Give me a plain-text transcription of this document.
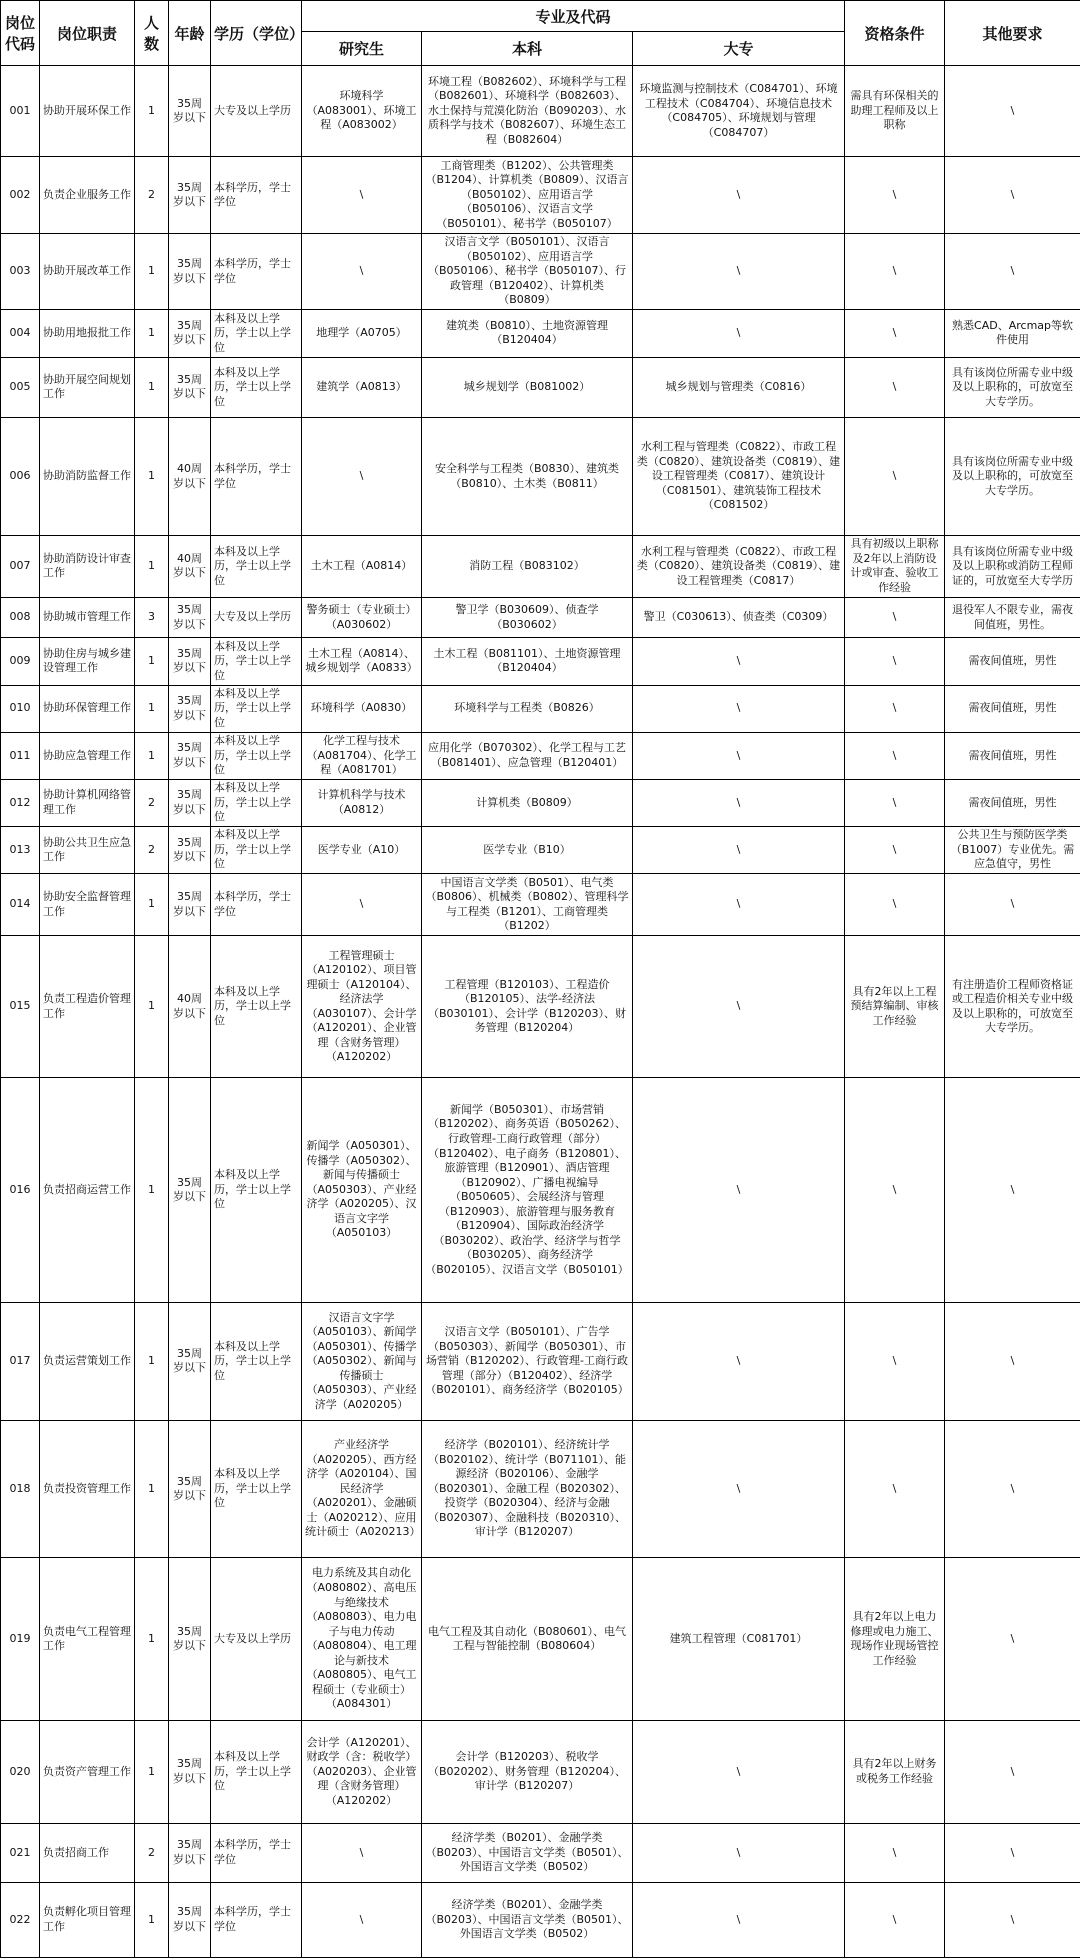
岗位代码	岗位职责	人数	年龄	学历（学位）	专业及代码			资格条件	其他要求
					研究生	本科	大专		
001	协助开展环保工作	1	35周岁以下	大专及以上学历	环境科学（A083001）、环境工程（A083002）	环境工程（B082602）、环境科学与工程（B082601）、环境科学（B082603）、水土保持与荒漠化防治（B090203）、水质科学与技术（B082607）、环境生态工程（B082604）	环境监测与控制技术（C084701）、环境工程技术（C084704）、环境信息技术（C084705）、环境规划与管理（C084707）	需具有环保相关的助理工程师及以上职称	\
002	负责企业服务工作	2	35周岁以下	本科学历，学士学位	\	工商管理类（B1202）、公共管理类（B1204）、计算机类（B0809）、汉语言（B050102）、应用语言学（B050106）、汉语言文学（B050101）、秘书学（B050107）	\	\	\
003	协助开展改革工作	1	35周岁以下	本科学历，学士学位	\	汉语言文学（B050101）、汉语言（B050102）、应用语言学（B050106）、秘书学（B050107）、行政管理（B120402）、计算机类（B0809）	\	\	\
004	协助用地报批工作	1	35周岁以下	本科及以上学历，学士以上学位	地理学（A0705）	建筑类（B0810）、土地资源管理（B120404）	\	\	熟悉CAD、Arcmap等软件使用
005	协助开展空间规划工作	1	35周岁以下	本科及以上学历，学士以上学位	建筑学（A0813）	城乡规划学（B081002）	城乡规划与管理类（C0816）	\	具有该岗位所需专业中级及以上职称的，可放宽至大专学历。
006	协助消防监督工作	1	40周岁以下	本科学历，学士学位	\	安全科学与工程类（B0830）、建筑类（B0810）、土木类（B0811）	水利工程与管理类（C0822）、市政工程类（C0820）、建筑设备类（C0819）、建设工程管理类（C0817）、建筑设计（C081501）、建筑装饰工程技术（C081502）	\	具有该岗位所需专业中级及以上职称的，可放宽至大专学历。
007	协助消防设计审查工作	1	40周岁以下	本科及以上学历，学士以上学位	土木工程（A0814）	消防工程（B083102）	水利工程与管理类（C0822）、市政工程类（C0820）、建筑设备类（C0819）、建设工程管理类（C0817）	具有初级以上职称及2年以上消防设计或审查、验收工作经验	具有该岗位所需专业中级及以上职称或消防工程师证的，可放宽至大专学历
008	协助城市管理工作	3	35周岁以下	大专及以上学历	警务硕士（专业硕士）（A030602）	警卫学（B030609）、侦查学（B030602）	警卫（C030613）、侦查类（C0309）	\	退役军人不限专业，需夜间值班，男性。
009	协助住房与城乡建设管理工作	1	35周岁以下	本科及以上学历，学士以上学位	土木工程（A0814）、城乡规划学（A0833）	土木工程（B081101）、土地资源管理（B120404）	\	\	需夜间值班，男性
010	协助环保管理工作	1	35周岁以下	本科及以上学历，学士以上学位	环境科学（A0830）	环境科学与工程类（B0826）	\	\	需夜间值班，男性
011	协助应急管理工作	1	35周岁以下	本科及以上学历，学士以上学位	化学工程与技术（A081704）、化学工程（A081701）	应用化学（B070302）、化学工程与工艺（B081401）、应急管理（B120401）	\	\	需夜间值班，男性
012	协助计算机网络管理工作	2	35周岁以下	本科及以上学历，学士以上学位	计算机科学与技术（A0812）	计算机类（B0809）	\	\	需夜间值班，男性
013	协助公共卫生应急工作	2	35周岁以下	本科及以上学历，学士以上学位	医学专业（A10）	医学专业（B10）	\	\	公共卫生与预防医学类（B1007）专业优先。需应急值守，男性
014	协助安全监督管理工作	1	35周岁以下	本科学历，学士学位	\	中国语言文学类（B0501）、电气类（B0806）、机械类（B0802）、管理科学与工程类（B1201）、工商管理类（B1202）	\	\	\
015	负责工程造价管理工作	1	40周岁以下	本科及以上学历，学士以上学位	工程管理硕士（A120102）、项目管理硕士（A120104）、经济法学（A030107）、会计学（A120201）、企业管理（含财务管理）（A120202）	工程管理（B120103）、工程造价（B120105）、法学-经济法（B030101）、会计学（B120203）、财务管理（B120204）	\	具有2年以上工程预结算编制、审核工作经验	有注册造价工程师资格证或工程造价相关专业中级及以上职称的，可放宽至大专学历。
016	负责招商运营工作	1	35周岁以下	本科及以上学历，学士以上学位	新闻学（A050301）、传播学（A050302）、新闻与传播硕士（A050303）、产业经济学（A020205）、汉语言文字学（A050103）	新闻学（B050301）、市场营销（B120202）、商务英语（B050262）、行政管理-工商行政管理（部分）（B120402）、电子商务（B120801）、旅游管理（B120901）、酒店管理（B120902）、广播电视编导（B050605）、会展经济与管理（B120903）、旅游管理与服务教育（B120904）、国际政治经济学（B030202）、政治学、经济学与哲学（B030205）、商务经济学（B020105）、汉语言文学（B050101）	\	\	\
017	负责运营策划工作	1	35周岁以下	本科及以上学历，学士以上学位	汉语言文字学（A050103）、新闻学（A050301）、传播学（A050302）、新闻与传播硕士（A050303）、产业经济学（A020205）	汉语言文学（B050101）、广告学（B050303）、新闻学（B050301）、市场营销（B120202）、行政管理-工商行政管理（部分）（B120402）、经济学（B020101）、商务经济学（B020105）	\	\	\
018	负责投资管理工作	1	35周岁以下	本科及以上学历，学士以上学位	产业经济学（A020205）、西方经济学（A020104）、国民经济学（A020201）、金融硕士（A020212）、应用统计硕士（A020213）	经济学（B020101）、经济统计学（B020102）、统计学（B071101）、能源经济（B020106）、金融学（B020301）、金融工程（B020302）、投资学（B020304）、经济与金融（B020307）、金融科技（B020310）、审计学（B120207）	\	\	\
019	负责电气工程管理工作	1	35周岁以下	大专及以上学历	电力系统及其自动化（A080802）、高电压与绝缘技术（A080803）、电力电子与电力传动（A080804）、电工理论与新技术（A080805）、电气工程硕士（专业硕士）（A084301）	电气工程及其自动化（B080601）、电气工程与智能控制（B080604）	建筑工程管理（C081701）	具有2年以上电力修理或电力施工、现场作业现场管控工作经验	\
020	负责资产管理工作	1	35周岁以下	本科及以上学历，学士以上学位	会计学（A120201）、财政学（含：税收学）（A020203）、企业管理（含财务管理）（A120202）	会计学（B120203）、税收学（B020202）、财务管理（B120204）、审计学（B120207）	\	具有2年以上财务或税务工作经验	\
021	负责招商工作	2	35周岁以下	本科学历，学士学位	\	经济学类（B0201）、金融学类（B0203）、中国语言文学类（B0501）、外国语言文学类（B0502）	\	\	\
022	负责孵化项目管理工作	1	35周岁以下	本科学历，学士学位	\	经济学类（B0201）、金融学类（B0203）、中国语言文学类（B0501）、外国语言文学类（B0502）	\	\	\
